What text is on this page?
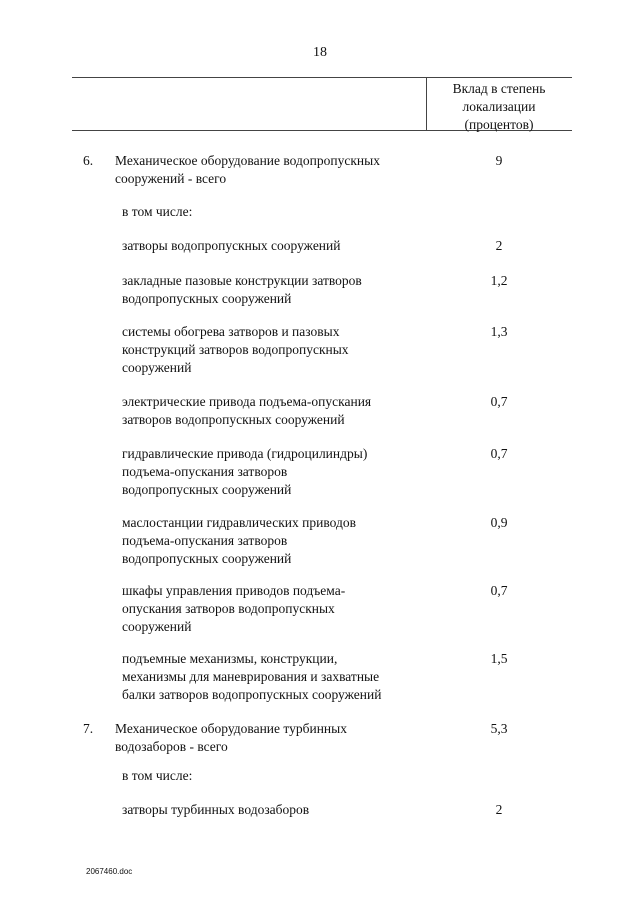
18
Вклад в степень
локализации
(процентов)
6. Механическое оборудование водопропускных
сооружений - всего
9
в том числе:
затворы водопропускных сооружений	2
закладные пазовые конструкции затворов
водопропускных сооружений
1,2
системы обогрева затворов и пазовых
конструкций затворов водопропускных
сооружений
1,3
электрические привода подъема-опускания
затворов водопропускных сооружений
0,7
гидравлические привода (гидроцилиндры)
подъема-опускания затворов
водопропускных сооружений
0,7
маслостанции гидравлических приводов
подъема-опускания затворов
водопропускных сооружений
0,9
шкафы управления приводов подъема-
опускания затворов водопропускных
сооружений
0,7
подъемные механизмы, конструкции,
механизмы для маневрирования и захватные
балки затворов водопропускных сооружений
1,5
7. Механическое оборудование турбинных
водозаборов - всего
5,3
в том числе:
затворы турбинных водозаборов	2
2067460.doc
